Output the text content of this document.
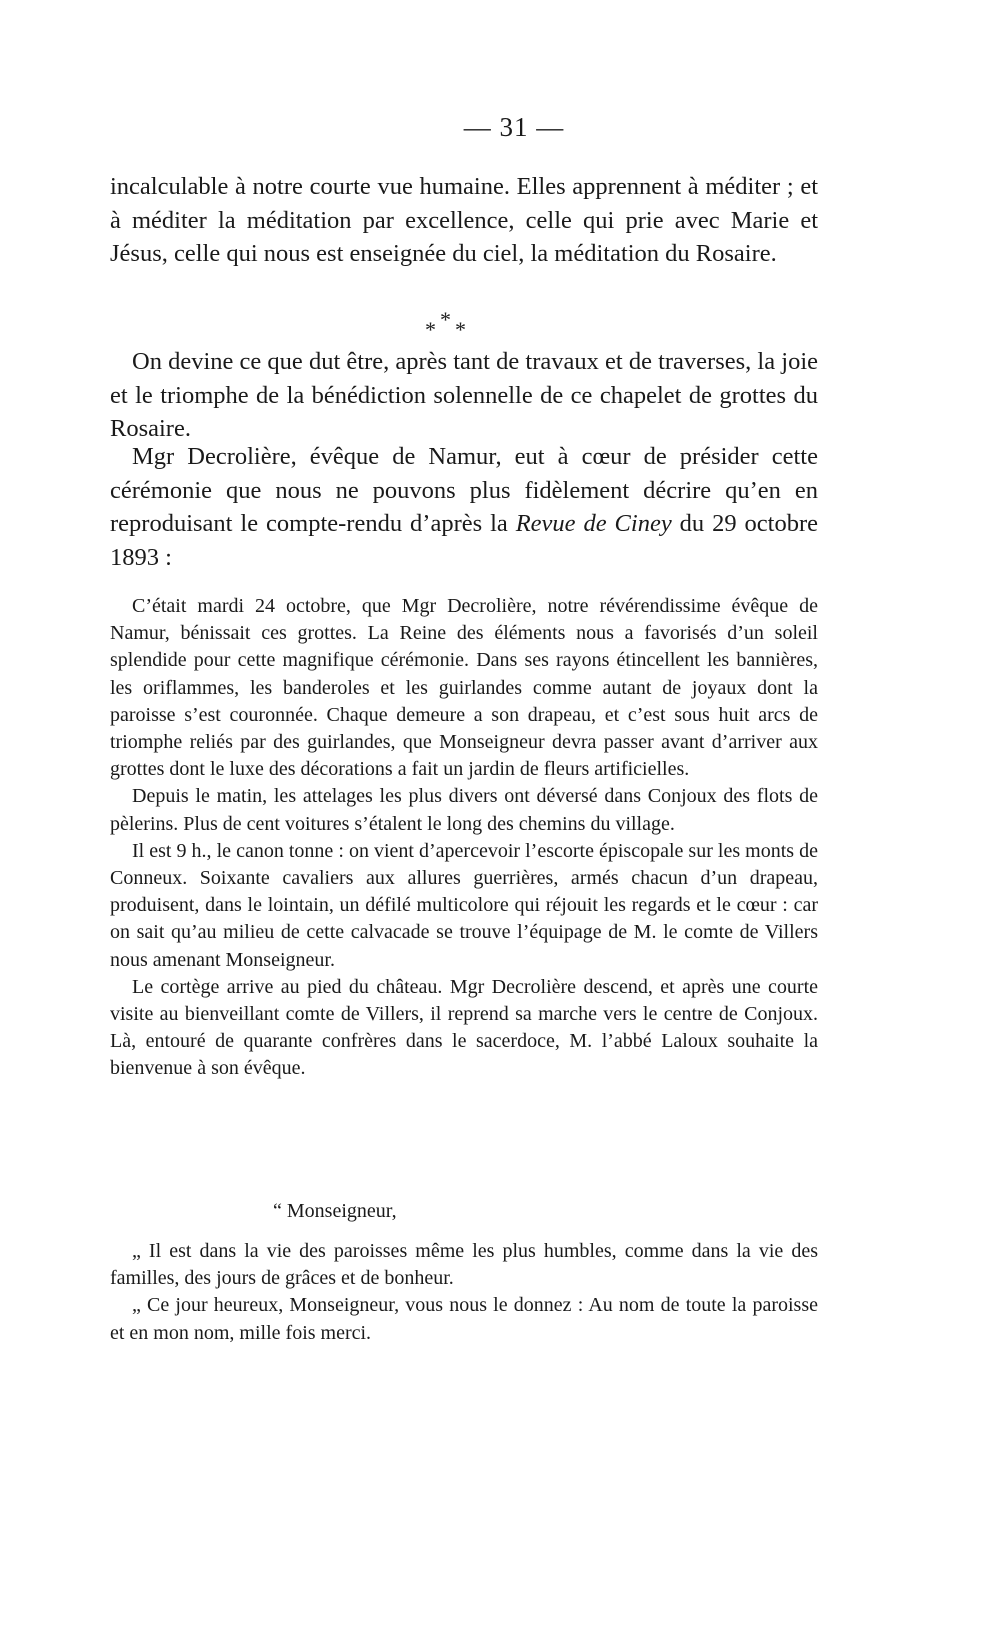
— 31 —

incalculable à notre courte vue humaine. Elles apprennent à méditer ; et à méditer la méditation par excellence, celle qui prie avec Marie et Jésus, celle qui nous est enseignée du ciel, la méditation du Rosaire.

* * *

On devine ce que dut être, après tant de travaux et de traverses, la joie et le triomphe de la bénédiction solennelle de ce chapelet de grottes du Rosaire.

Mgr Decrolière, évêque de Namur, eut à cœur de présider cette cérémonie que nous ne pouvons plus fidèlement décrire qu’en en reproduisant le compte-rendu d’après la Revue de Ciney du 29 octobre 1893 :

C’était mardi 24 octobre, que Mgr Decrolière, notre révérendissime évêque de Namur, bénissait ces grottes. La Reine des éléments nous a favorisés d’un soleil splendide pour cette magnifique cérémonie. Dans ses rayons étincellent les bannières, les oriflammes, les banderoles et les guirlandes comme autant de joyaux dont la paroisse s’est couronnée. Chaque demeure a son drapeau, et c’est sous huit arcs de triomphe reliés par des guirlandes, que Monseigneur devra passer avant d’arriver aux grottes dont le luxe des décorations a fait un jardin de fleurs artificielles.

Depuis le matin, les attelages les plus divers ont déversé dans Conjoux des flots de pèlerins. Plus de cent voitures s’étalent le long des chemins du village.

Il est 9 h., le canon tonne : on vient d’apercevoir l’escorte épiscopale sur les monts de Conneux. Soixante cavaliers aux allures guerrières, armés chacun d’un drapeau, produisent, dans le lointain, un défilé multicolore qui réjouit les regards et le cœur : car on sait qu’au milieu de cette calvacade se trouve l’équipage de M. le comte de Villers nous amenant Monseigneur.

Le cortège arrive au pied du château. Mgr Decrolière descend, et après une courte visite au bienveillant comte de Villers, il reprend sa marche vers le centre de Conjoux. Là, entouré de quarante confrères dans le sacerdoce, M. l’abbé Laloux souhaite la bienvenue à son évêque.

“ Monseigneur,

„ Il est dans la vie des paroisses même les plus humbles, comme dans la vie des familles, des jours de grâces et de bonheur.

„ Ce jour heureux, Monseigneur, vous nous le donnez : Au nom de toute la paroisse et en mon nom, mille fois merci.
